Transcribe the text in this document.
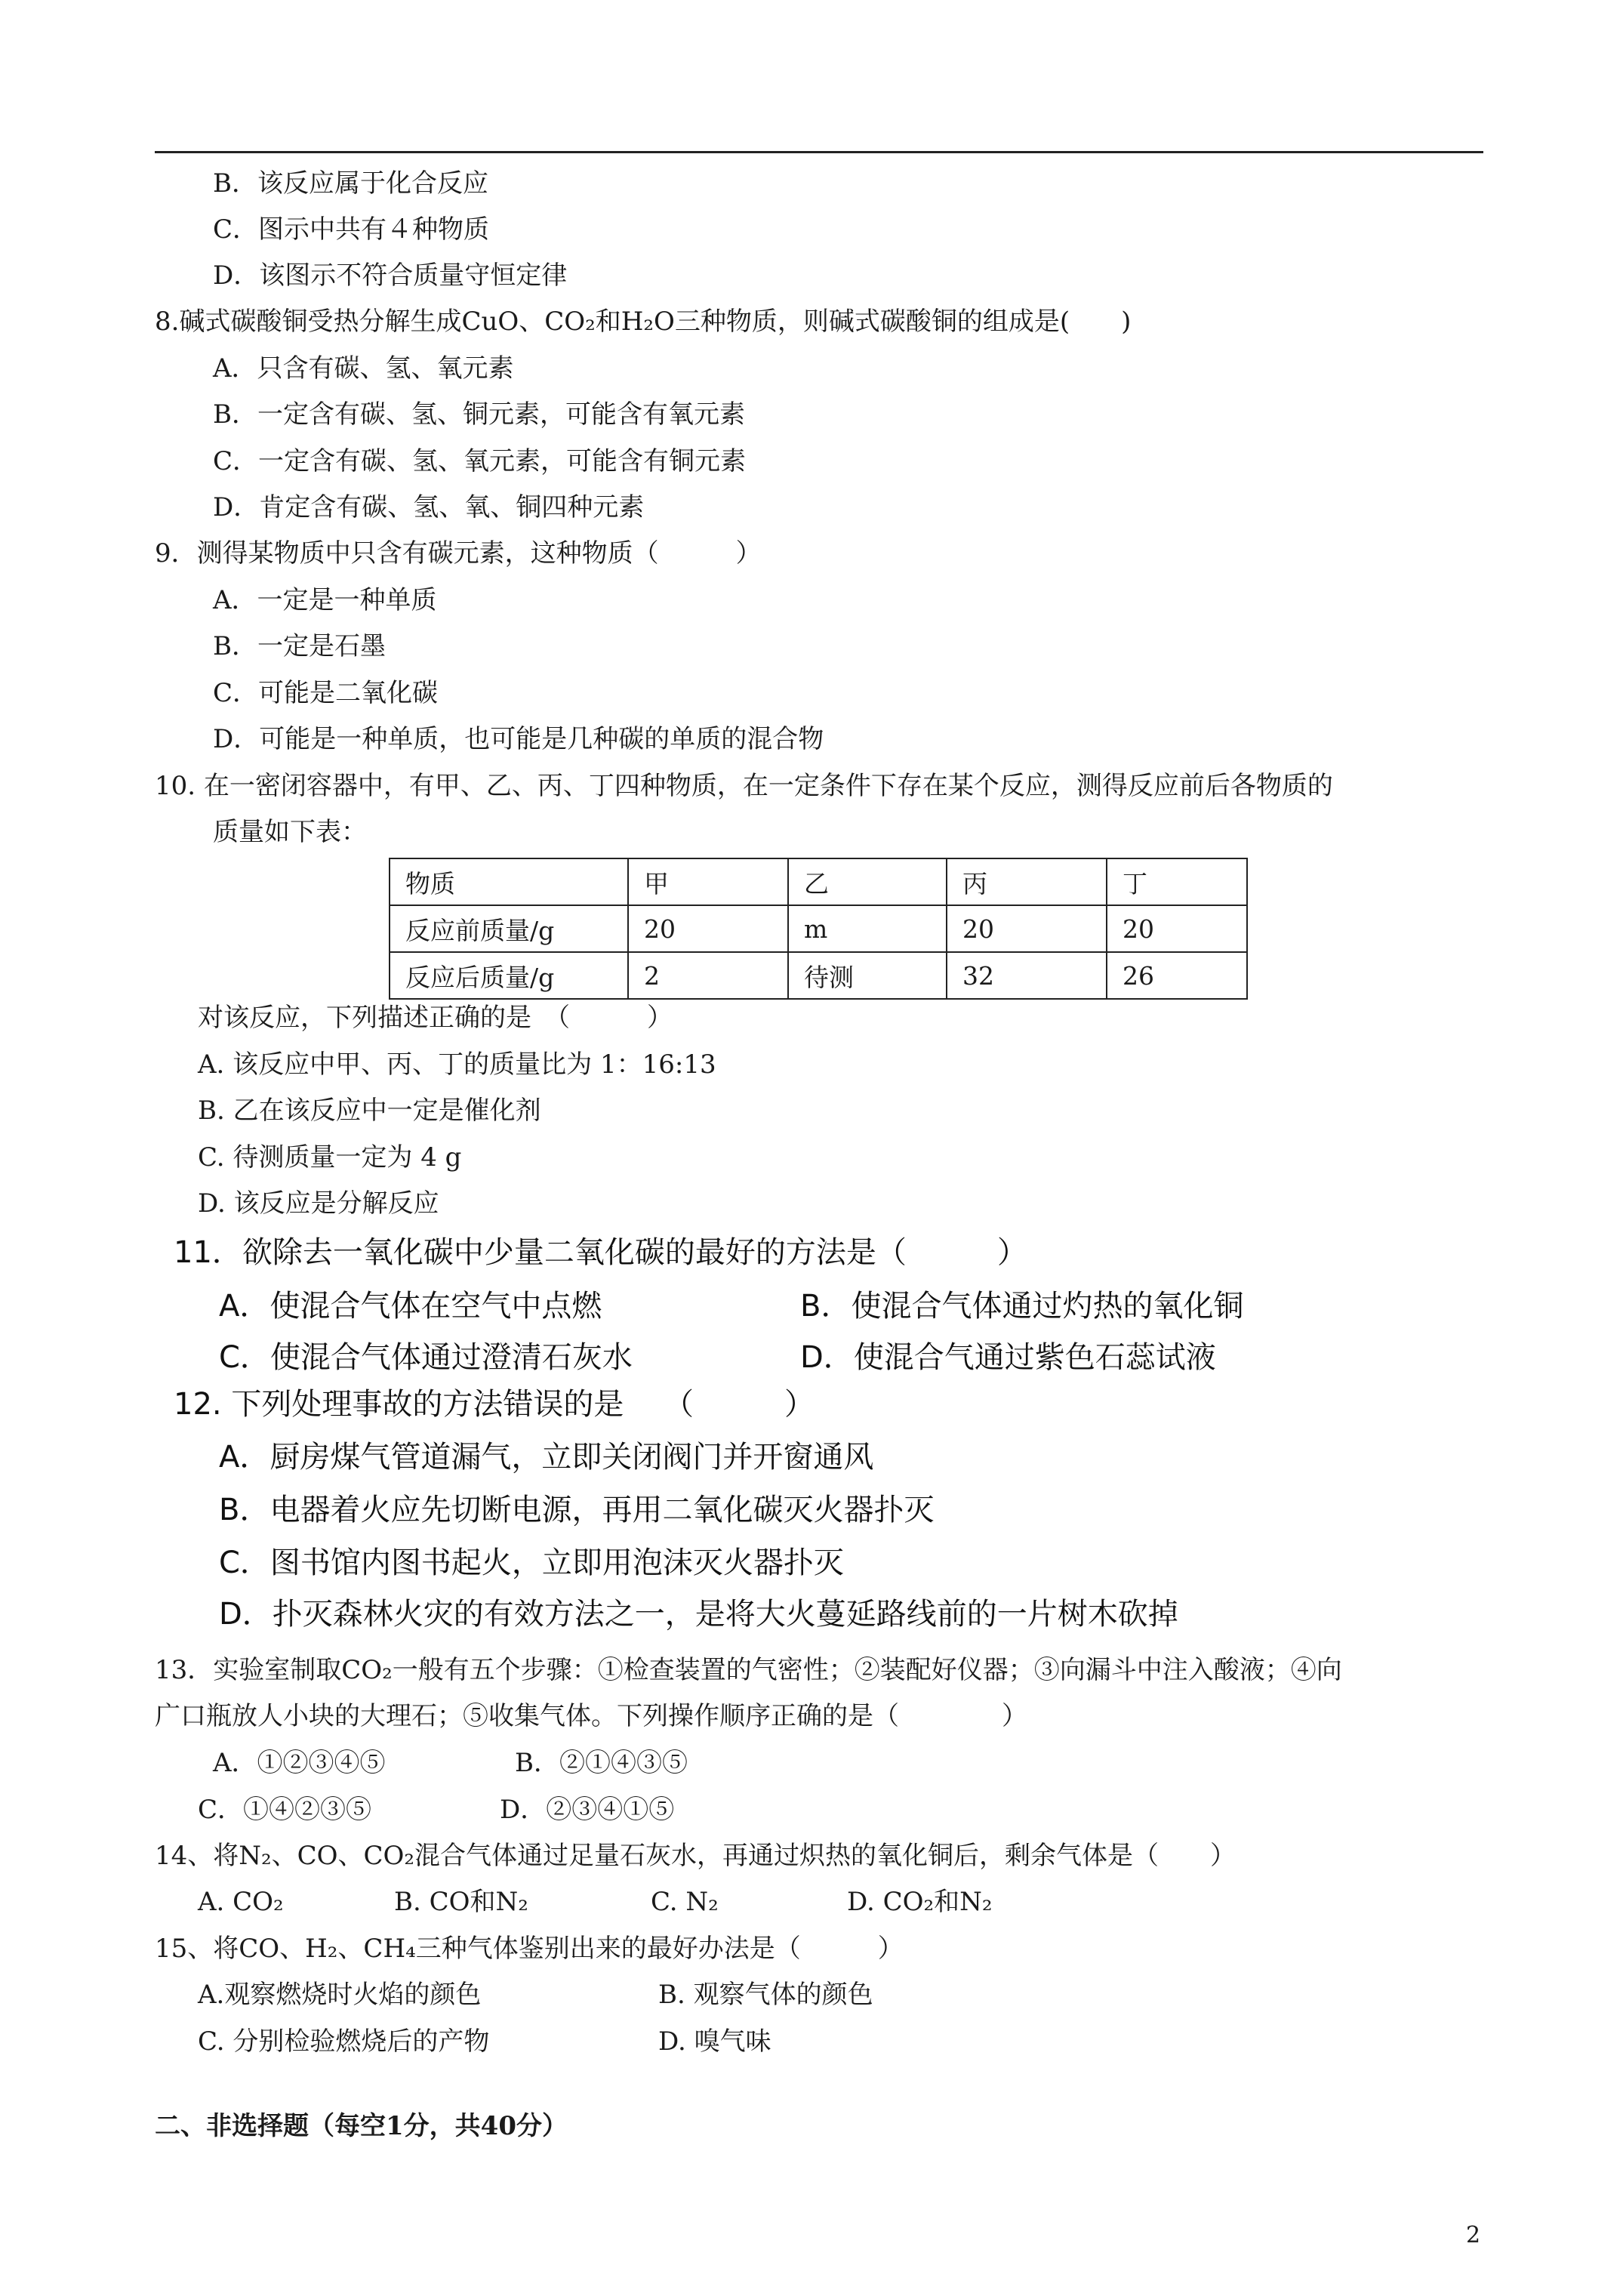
B．该反应属于化合反应
C．图示中共有４种物质
D．该图示不符合质量守恒定律
8.碱式碳酸铜受热分解生成CuO、CO₂和H₂O三种物质，则碱式碳酸铜的组成是(　　)
A．只含有碳、氢、氧元素
B．一定含有碳、氢、铜元素，可能含有氧元素
C．一定含有碳、氢、氧元素，可能含有铜元素
D．肯定含有碳、氢、氧、铜四种元素
9．测得某物质中只含有碳元素，这种物质（　　　）
A．一定是一种单质
B．一定是石墨
C．可能是二氧化碳
D．可能是一种单质，也可能是几种碳的单质的混合物
10. 在一密闭容器中，有甲、乙、丙、丁四种物质，在一定条件下存在某个反应，测得反应前后各物质的
质量如下表：
物质	甲	乙	丙	丁
反应前质量/g	20	m	20	20
反应后质量/g	2	待测	32	26
对该反应，下列描述正确的是　（　　　）
A. 该反应中甲、丙、丁的质量比为 1：16:13
B. 乙在该反应中一定是催化剂
C. 待测质量一定为 4 g
D. 该反应是分解反应
11．欲除去一氧化碳中少量二氧化碳的最好的方法是（　　　）
A．使混合气体在空气中点燃	B．使混合气体通过灼热的氧化铜
C．使混合气体通过澄清石灰水	D．使混合气通过紫色石蕊试液
12. 下列处理事故的方法错误的是　 （　　　）
A．厨房煤气管道漏气，立即关闭阀门并开窗通风
B．电器着火应先切断电源，再用二氧化碳灭火器扑灭
C．图书馆内图书起火，立即用泡沫灭火器扑灭
D．扑灭森林火灾的有效方法之一，是将大火蔓延路线前的一片树木砍掉
13．实验室制取CO₂一般有五个步骤：①检查装置的气密性；②装配好仪器；③向漏斗中注入酸液；④向
广口瓶放人小块的大理石；⑤收集气体。下列操作顺序正确的是（　　　　）
A．①②③④⑤	B．②①④③⑤
C．①④②③⑤	D．②③④①⑤
14、将N₂、CO、CO₂混合气体通过足量石灰水，再通过炽热的氧化铜后，剩余气体是（　　）
A. CO₂	B. CO和N₂	C. N₂	D. CO₂和N₂
15、将CO、H₂、CH₄三种气体鉴别出来的最好办法是（　　　）
A.观察燃烧时火焰的颜色	B. 观察气体的颜色
C. 分别检验燃烧后的产物	D. 嗅气味
二、非选择题（每空1分，共40分）
2
